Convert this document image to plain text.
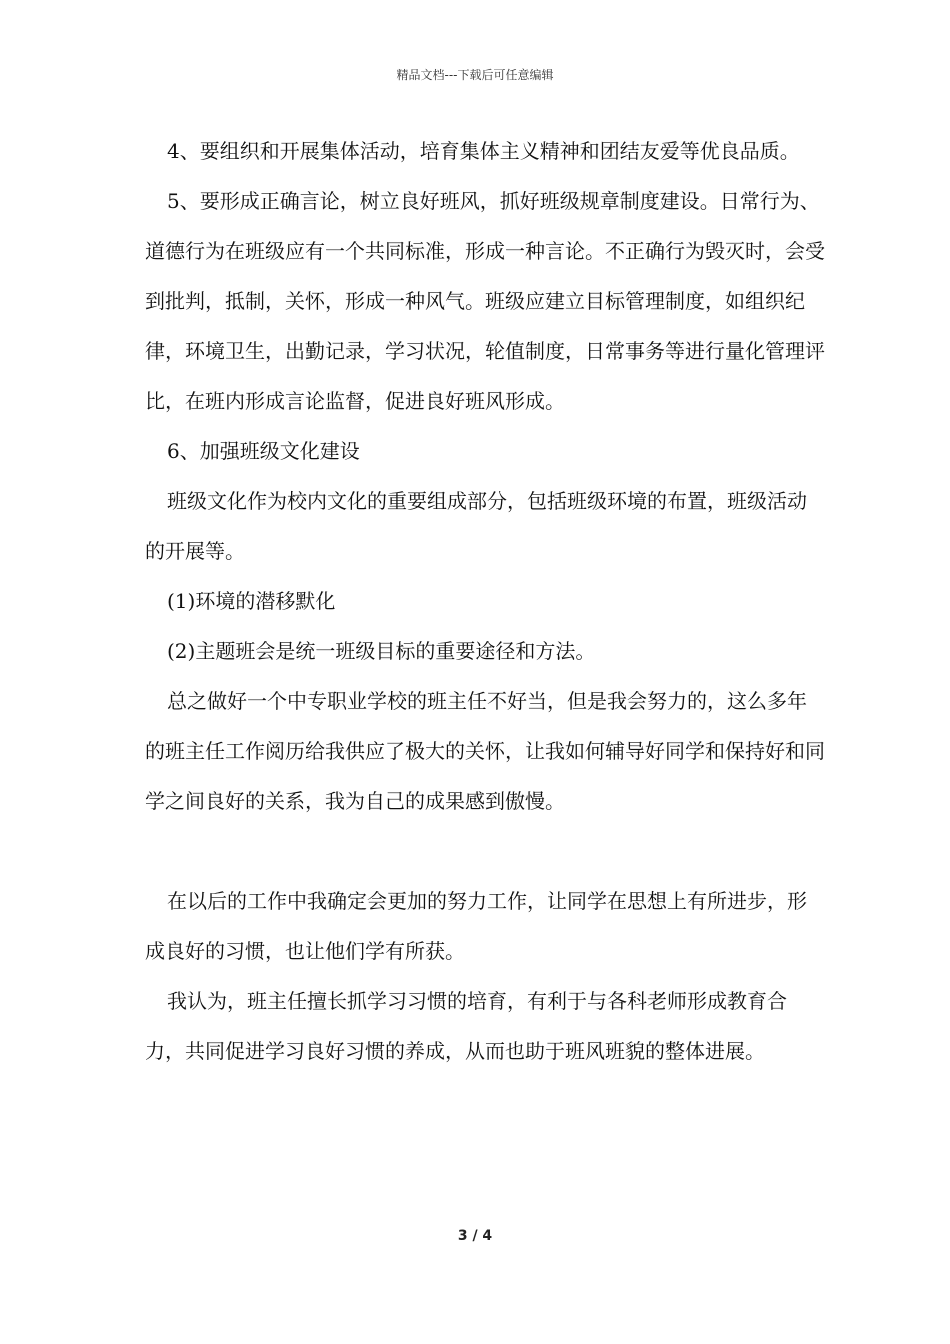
精品文档---下载后可任意编辑

4、要组织和开展集体活动，培育集体主义精神和团结友爱等优良品质。

5、要形成正确言论，树立良好班风，抓好班级规章制度建设。日常行为、道德行为在班级应有一个共同标准，形成一种言论。不正确行为毁灭时，会受到批判，抵制，关怀，形成一种风气。班级应建立目标管理制度，如组织纪律，环境卫生，出勤记录，学习状况，轮值制度，日常事务等进行量化管理评比，在班内形成言论监督，促进良好班风形成。

6、加强班级文化建设

班级文化作为校内文化的重要组成部分，包括班级环境的布置，班级活动的开展等。

(1)环境的潜移默化

(2)主题班会是统一班级目标的重要途径和方法。

总之做好一个中专职业学校的班主任不好当，但是我会努力的，这么多年的班主任工作阅历给我供应了极大的关怀，让我如何辅导好同学和保持好和同学之间良好的关系，我为自己的成果感到傲慢。

在以后的工作中我确定会更加的努力工作，让同学在思想上有所进步，形成良好的习惯，也让他们学有所获。

我认为，班主任擅长抓学习习惯的培育，有利于与各科老师形成教育合力，共同促进学习良好习惯的养成，从而也助于班风班貌的整体进展。

3 / 4
